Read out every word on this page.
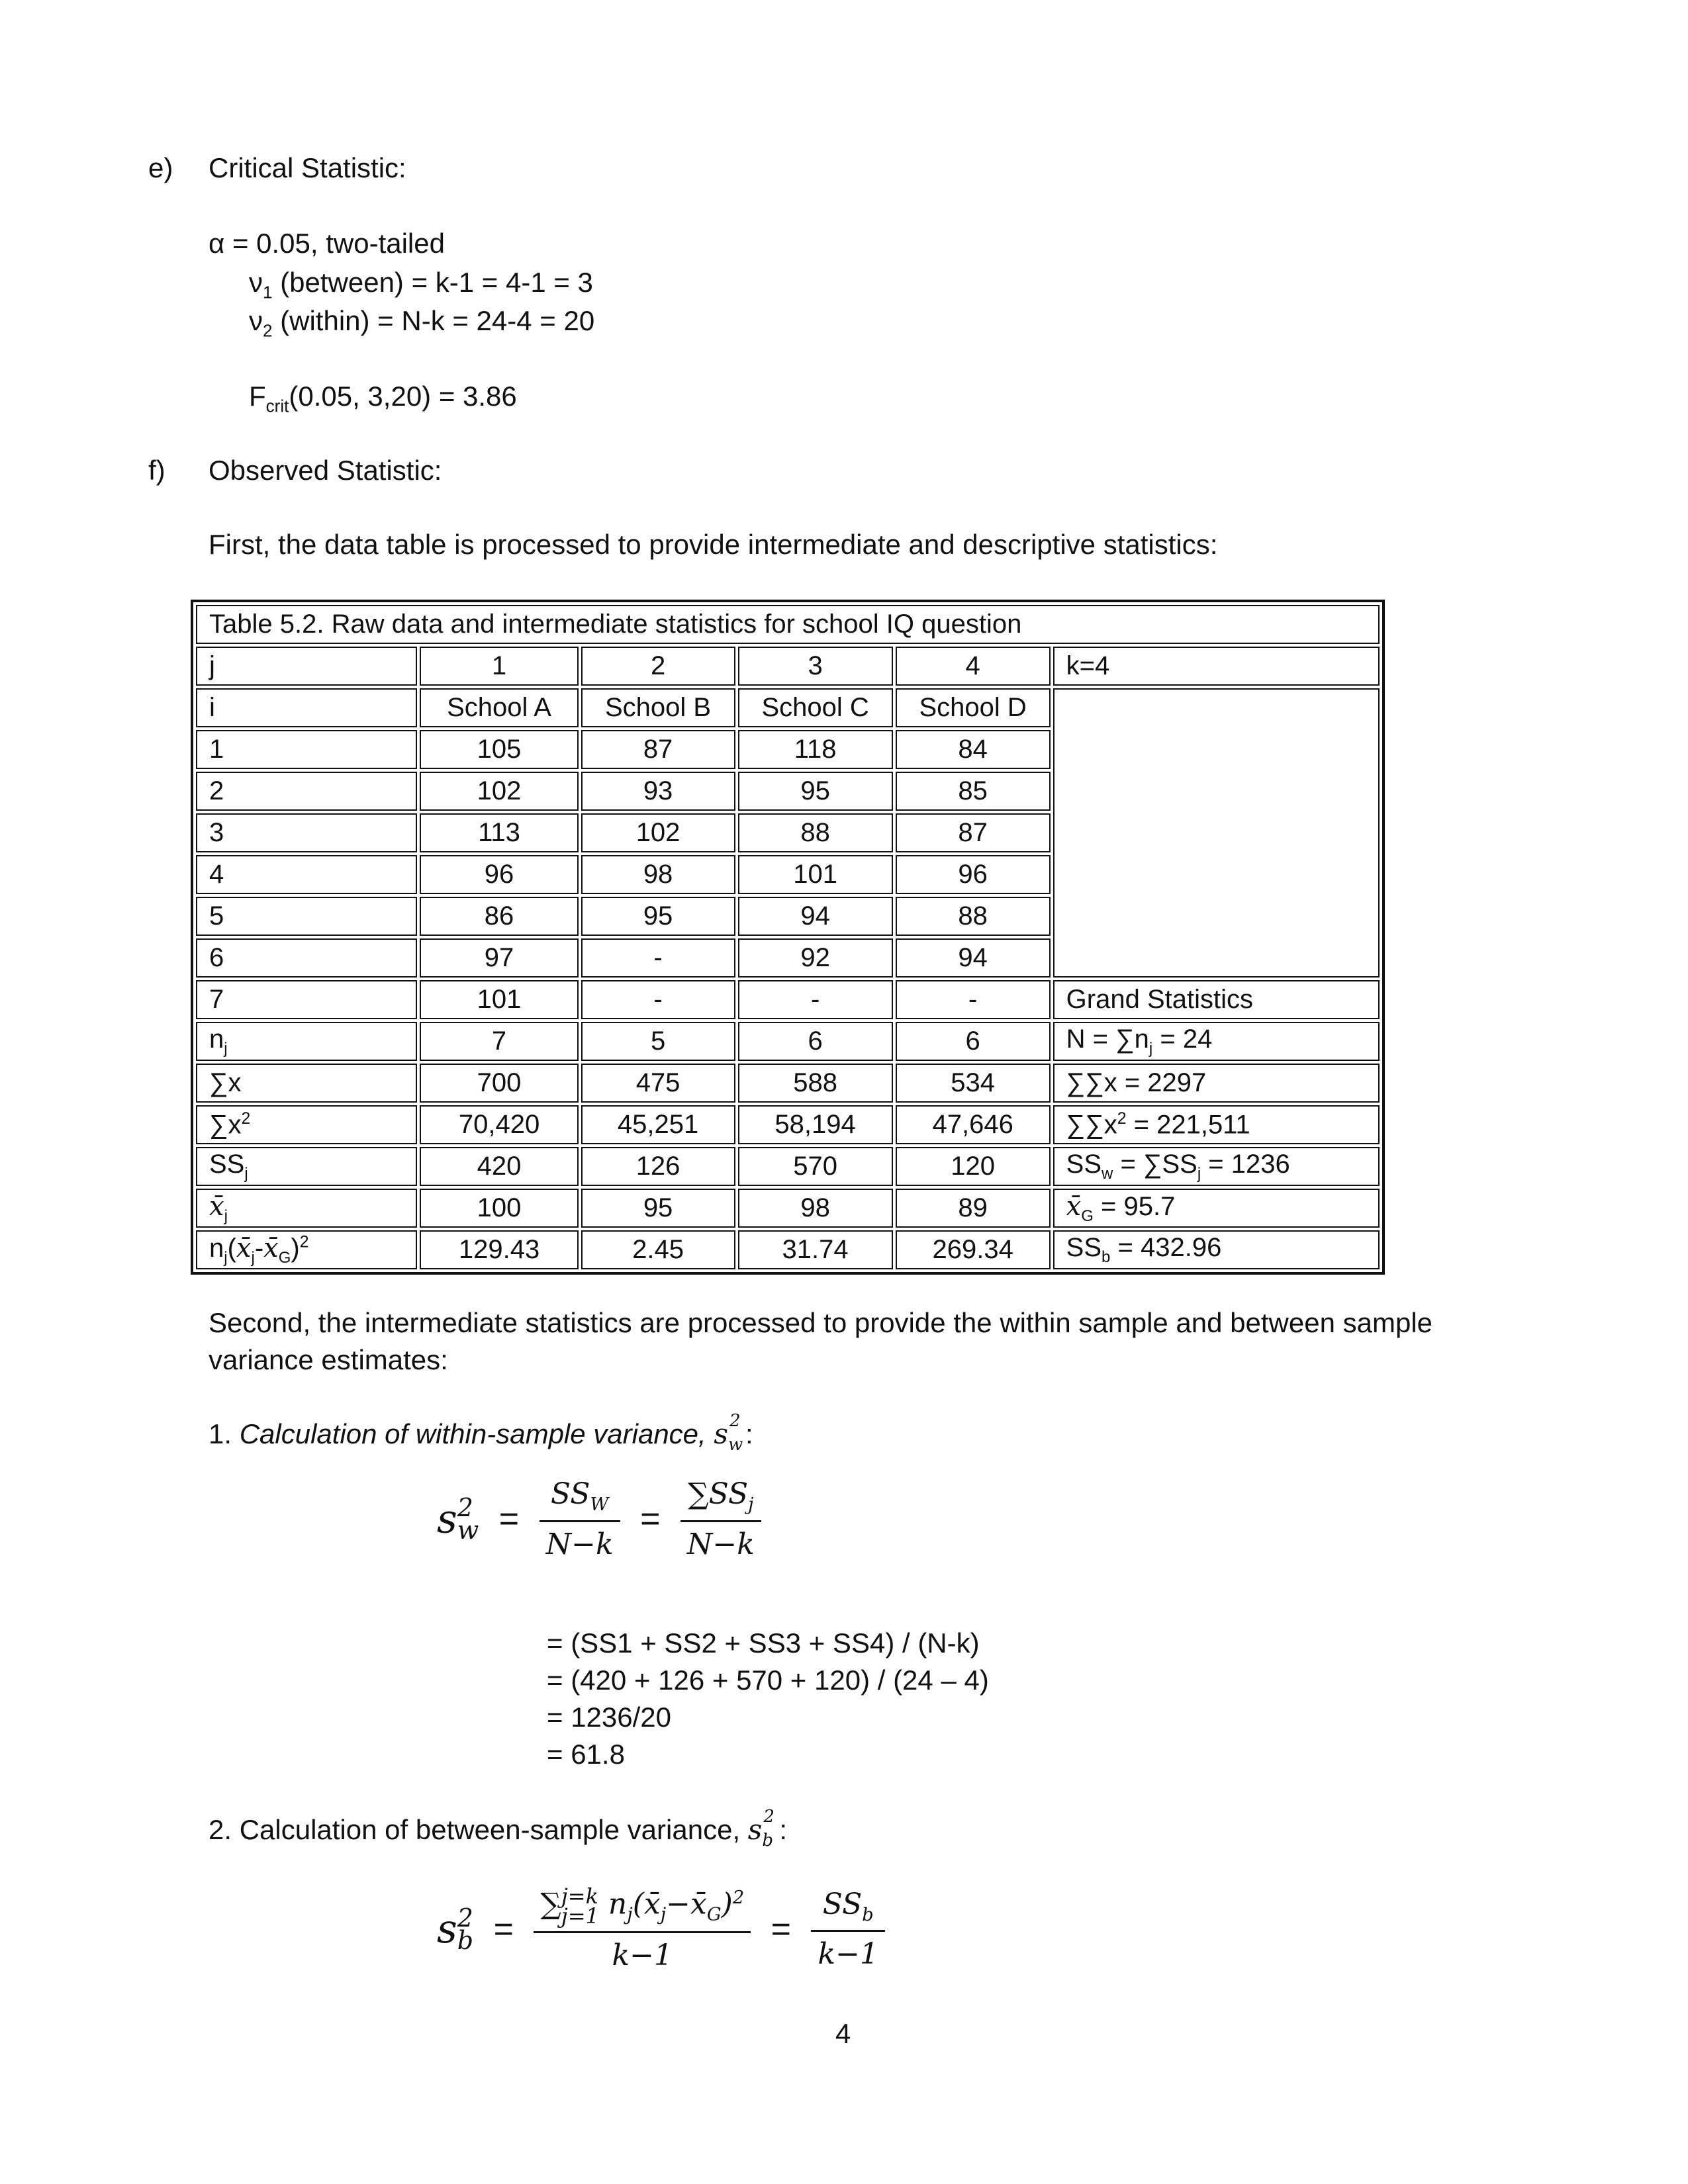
e) Critical Statistic:
α = 0.05, two-tailed
$\nu_1$ (between) = k-1 = 4-1 = 3
$\nu_2$ (within) = N-k = 24-4 = 20
$F_{crit}(0.05$, 3,20) = 3.86
f) Observed Statistic:
First, the data table is processed to provide intermediate and descriptive statistics:
Table 5.2. Raw data and intermediate statistics for school IQ question					
j	1	2	3	4	k=4
i	School A	School B	School C	School D	
1	105	87	118	84	
2	102	93	95	85	
3	113	102	88	87	
4	96	98	101	96	
5	86	95	94	88	
6	97	-	92	94	
7	101	-	-	-	Grand Statistics
$n_j$	7	5	6	6	$N = \sum n_j = 24$
∑x	700	475	588	534	∑∑x = 2297
$\sum x^2$	70,420	45,251	58,194	47,646	$\sum\sum x^2 = 221,511$
$SS_j$	420	126	570	120	$SS_w = \sum SS_j = 1236$
$x̄_j$	100	95	98	89	$x̄_G = 95.7$
$n_j(x̄_j-x̄_G)^2$	129.43	2.45	31.74	269.34	$SS_b = 432.96$
Second, the intermediate statistics are processed to provide the within sample and between sample
variance estimates:
1. Calculation of within-sample variance, s 2
w :
s2
$w = \frac{SS_W}{N-k} = \frac{\sum SS_j}{N-k}$
= (SS1 + SS2 + SS3 + SS4) / (N-k)
= (420 + 126 + 570 + 120) / (24 – 4)
= 1236/20
= 61.8
2. Calculation of between-sample variance, s 2
b :
s2
b =
∑j=k
j=1 $n_j(x̄_j-x̄_G)^2$
k−1
= $\frac{SS_b}{k-1}$
4
